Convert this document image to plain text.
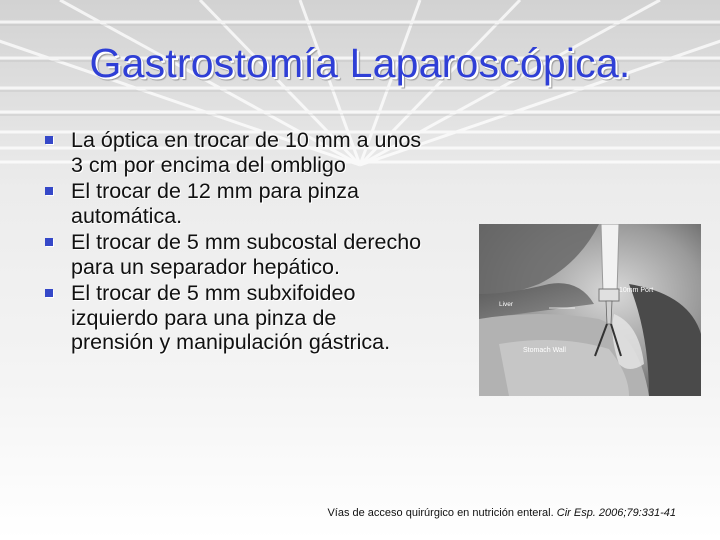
Gastrostomía Laparoscópica.
La óptica en trocar de 10 mm a unos 3 cm por encima del ombligo
El trocar de 12 mm para pinza automática.
El trocar de 5 mm subcostal derecho para un separador hepático.
El trocar de 5 mm subxifoideo izquierdo para una pinza de prensión y manipulación gástrica.
10mm Port
Liver
Stomach Wall
Vías de acceso quirúrgico en nutrición enteral. Cir Esp. 2006;79:331-41
